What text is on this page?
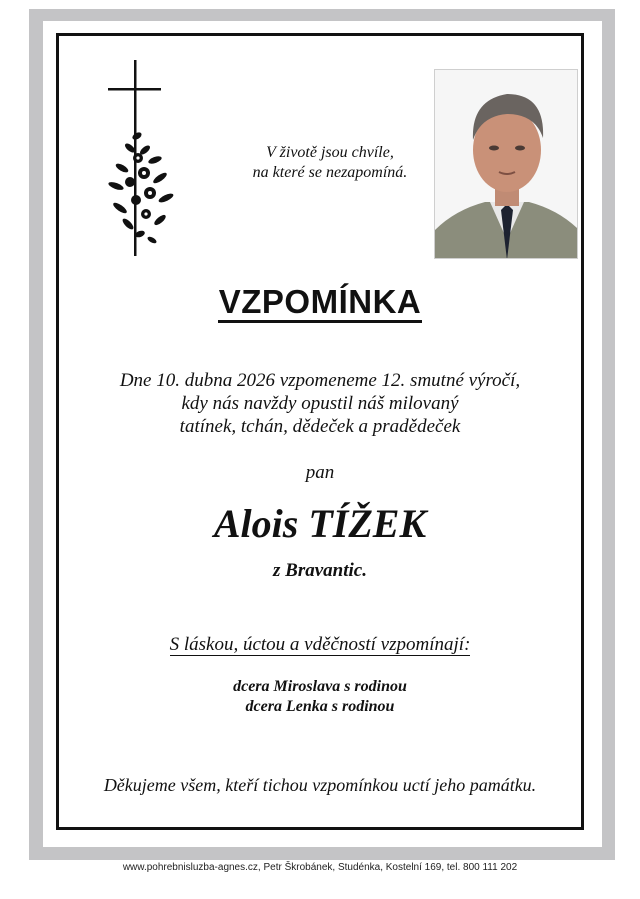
V životě jsou chvíle,
na které se nezapomíná.
VZPOMÍNKA
Dne 10. dubna 2026 vzpomeneme 12. smutné výročí,
kdy nás navždy opustil náš milovaný
tatínek, tchán, dědeček a pradědeček
pan
Alois TÍŽEK
z Bravantic.
S láskou, úctou a vděčností vzpomínají:
dcera Miroslava s rodinou
dcera Lenka s rodinou
Děkujeme všem, kteří tichou vzpomínkou uctí jeho památku.
www.pohrebnisluzba-agnes.cz, Petr Škrobánek, Studénka, Kostelní 169, tel. 800 111 202
